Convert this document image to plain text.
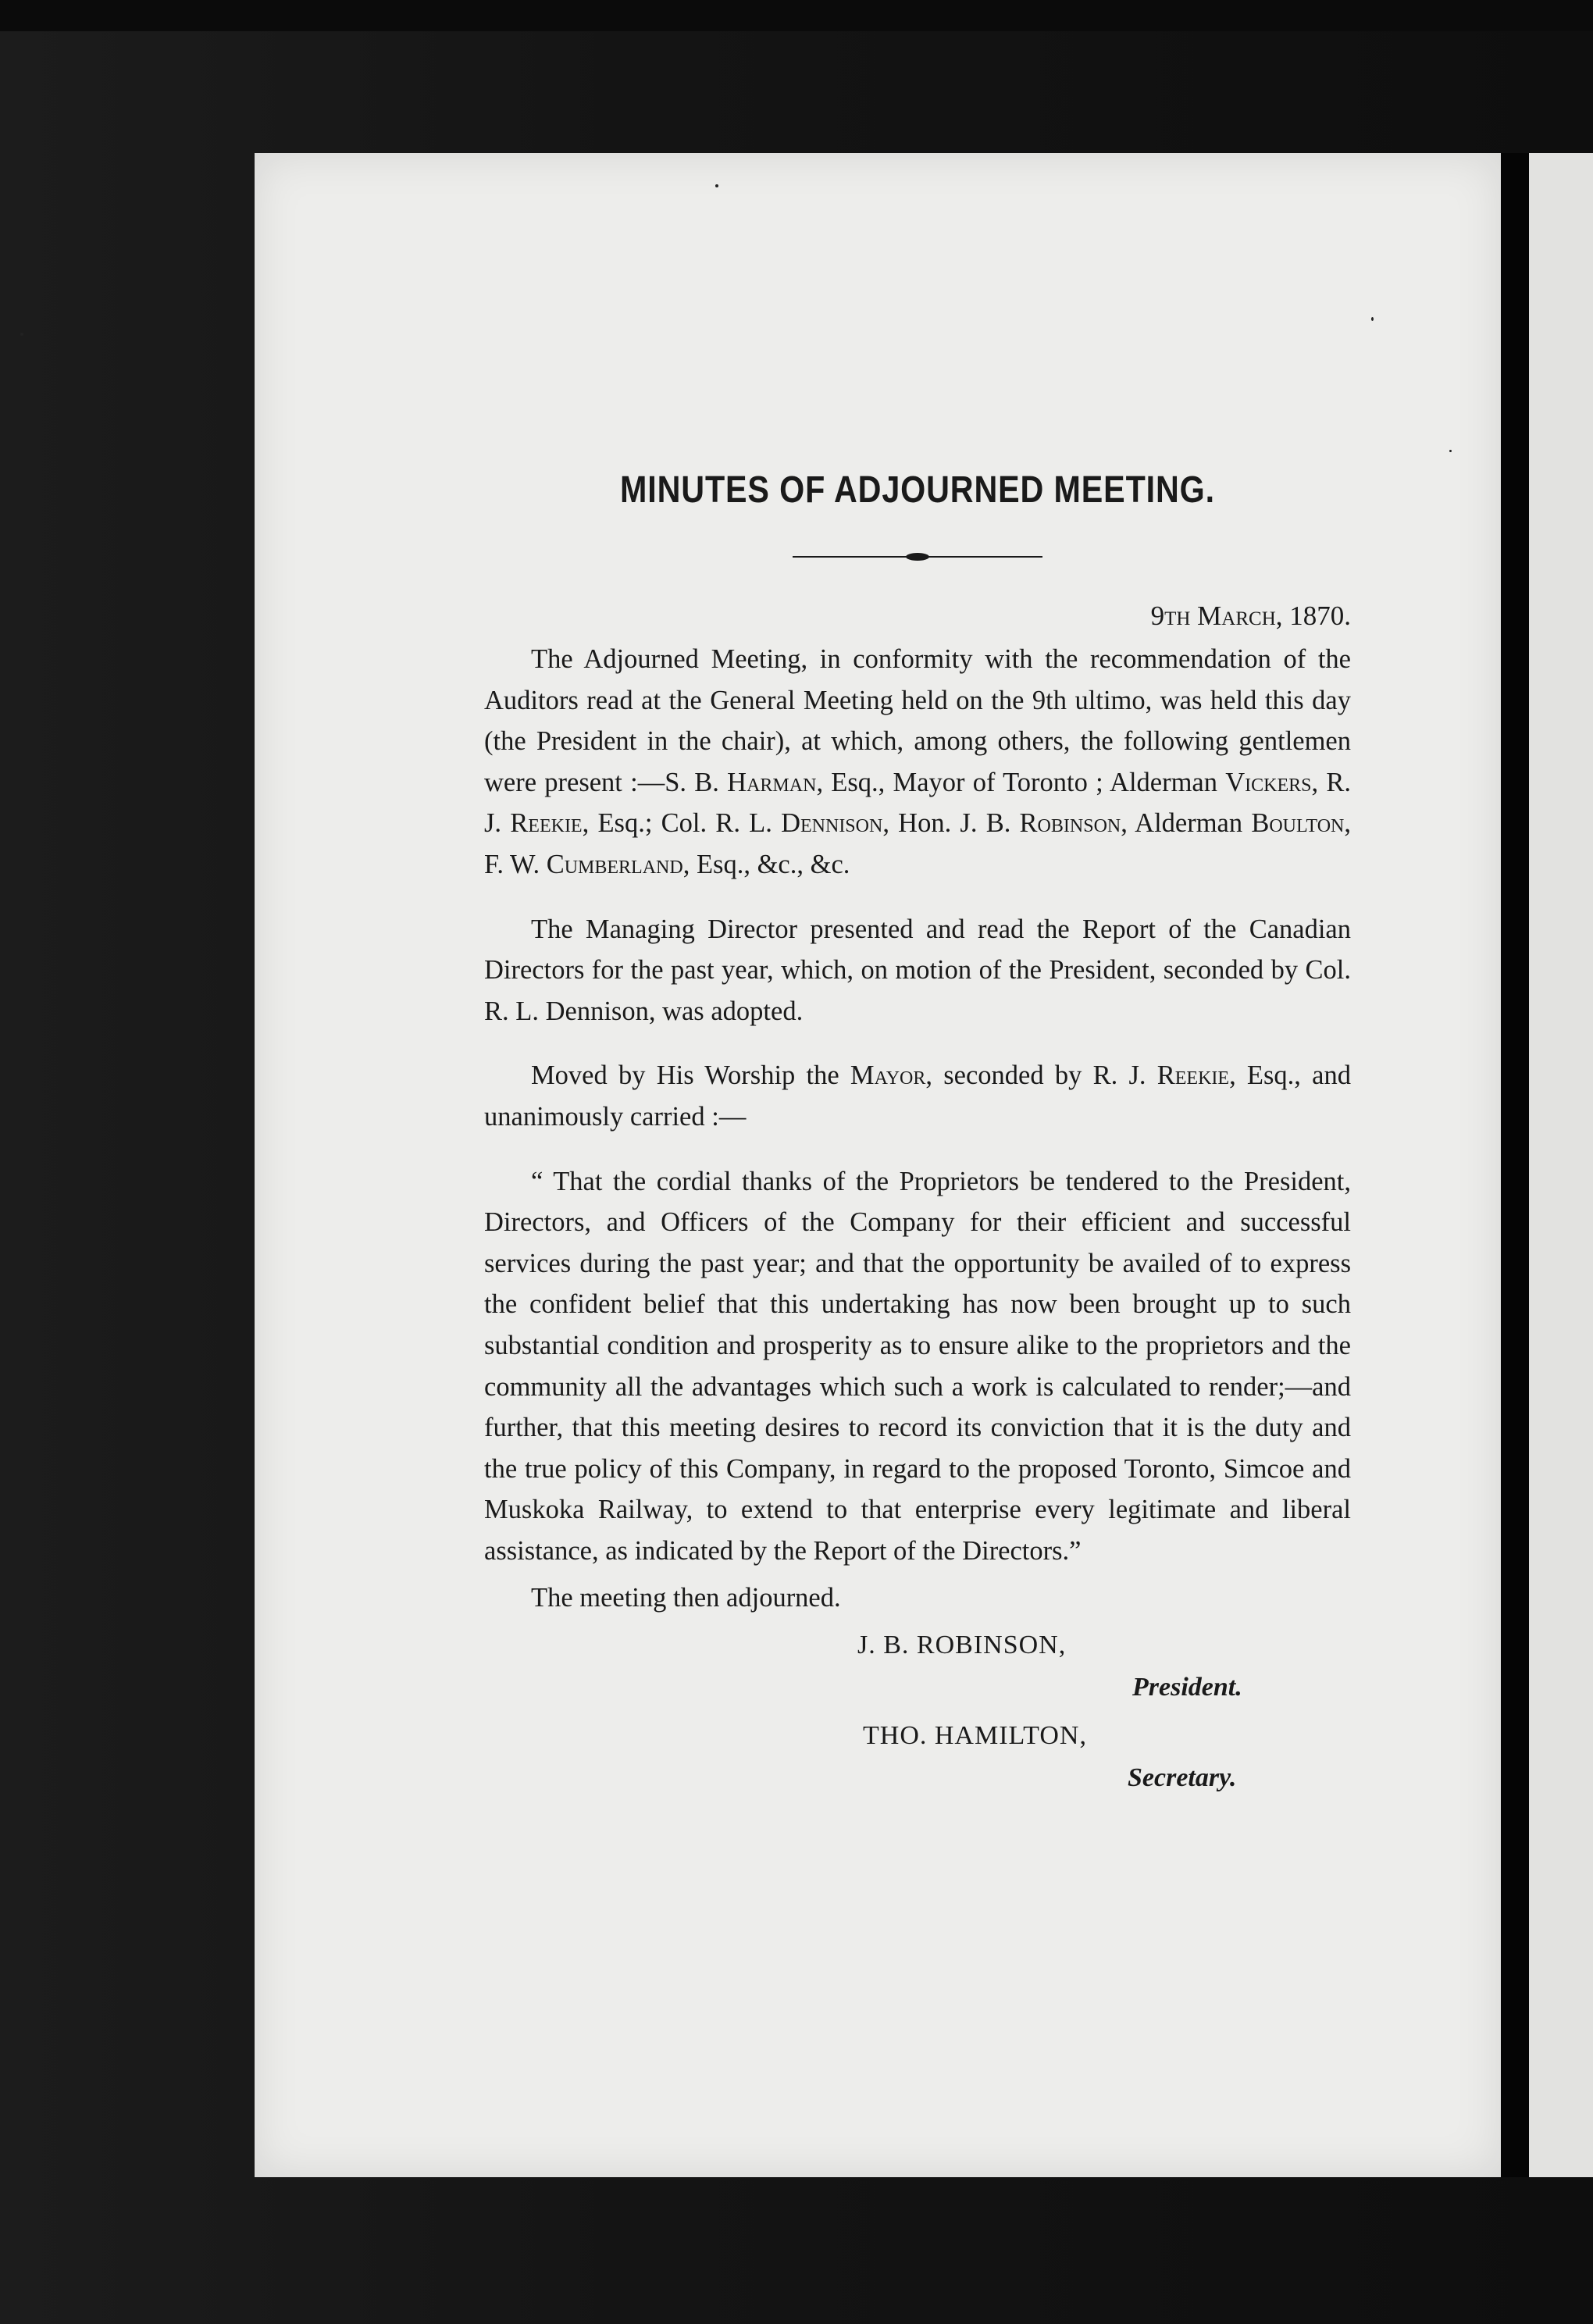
MINUTES OF ADJOURNED MEETING.
9th March, 1870.

The Adjourned Meeting, in conformity with the recommendation of the Auditors read at the General Meeting held on the 9th ultimo, was held this day (the President in the chair), at which, among others, the following gentlemen were present :—S. B. Harman, Esq., Mayor of Toronto ; Alderman Vickers, R. J. Reekie, Esq.; Col. R. L. Dennison, Hon. J. B. Robinson, Alderman Boulton, F. W. Cumberland, Esq., &c., &c.

The Managing Director presented and read the Report of the Canadian Directors for the past year, which, on motion of the President, seconded by Col. R. L. Dennison, was adopted.

Moved by His Worship the Mayor, seconded by R. J. Reekie, Esq., and unanimously carried :—

“ That the cordial thanks of the Proprietors be tendered to the President, Directors, and Officers of the Company for their efficient and successful services during the past year; and that the opportunity be availed of to express the confident belief that this undertaking has now been brought up to such substantial condition and prosperity as to ensure alike to the proprietors and the community all the advantages which such a work is calculated to render;—and further, that this meeting desires to record its conviction that it is the duty and the true policy of this Company, in regard to the proposed Toronto, Simcoe and Muskoka Railway, to extend to that enterprise every legitimate and liberal assistance, as indicated by the Report of the Directors.”

The meeting then adjourned.
J. B. ROBINSON,
President.
THO. HAMILTON,
Secretary.
